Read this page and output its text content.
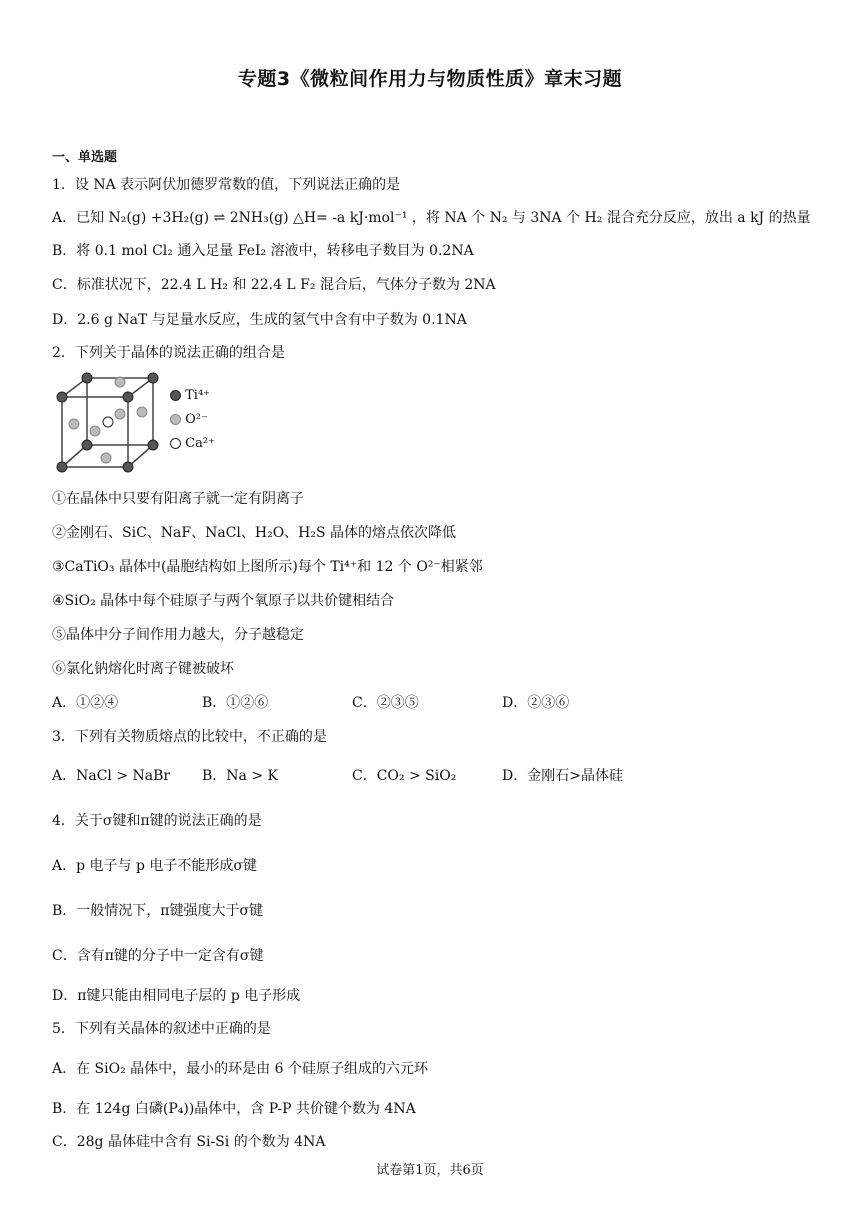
专题3《微粒间作用力与物质性质》章末习题
一、单选题
1．设 NA 表示阿伏加德罗常数的值，下列说法正确的是
A．已知 N₂(g) +3H₂(g) ⇌ 2NH₃(g) △H= -a kJ·mol⁻¹ ，将 NA 个 N₂ 与 3NA 个 H₂ 混合充分反应，放出 a kJ 的热量
B．将 0.1 mol Cl₂ 通入足量 FeI₂ 溶液中，转移电子数目为 0.2NA
C．标准状况下，22.4 L H₂ 和 22.4 L F₂ 混合后，气体分子数为 2NA
D．2.6 g NaT 与足量水反应，生成的氢气中含有中子数为 0.1NA
2．下列关于晶体的说法正确的组合是
Ti⁴⁺
O²⁻
Ca²⁺
①在晶体中只要有阳离子就一定有阴离子
②金刚石、SiC、NaF、NaCl、H₂O、H₂S 晶体的熔点依次降低
③CaTiO₃ 晶体中(晶胞结构如上图所示)每个 Ti⁴⁺和 12 个 O²⁻相紧邻
④SiO₂ 晶体中每个硅原子与两个氧原子以共价键相结合
⑤晶体中分子间作用力越大，分子越稳定
⑥氯化钠熔化时离子键被破坏
A．①②④	B．①②⑥	C．②③⑤	D．②③⑥
3．下列有关物质熔点的比较中，不正确的是
A．NaCl > NaBr B．Na > K	C．CO₂ > SiO₂	D．金刚石>晶体硅
4．关于σ键和π键的说法正确的是
A．p 电子与 p 电子不能形成σ键
B．一般情况下，π键强度大于σ键
C．含有π键的分子中一定含有σ键
D．π键只能由相同电子层的 p 电子形成
5．下列有关晶体的叙述中正确的是
A．在 SiO₂ 晶体中，最小的环是由 6 个硅原子组成的六元环
B．在 124g 白磷(P₄))晶体中，含 P-P 共价键个数为 4NA
C．28g 晶体硅中含有 Si-Si 的个数为 4NA
试卷第1页，共6页
